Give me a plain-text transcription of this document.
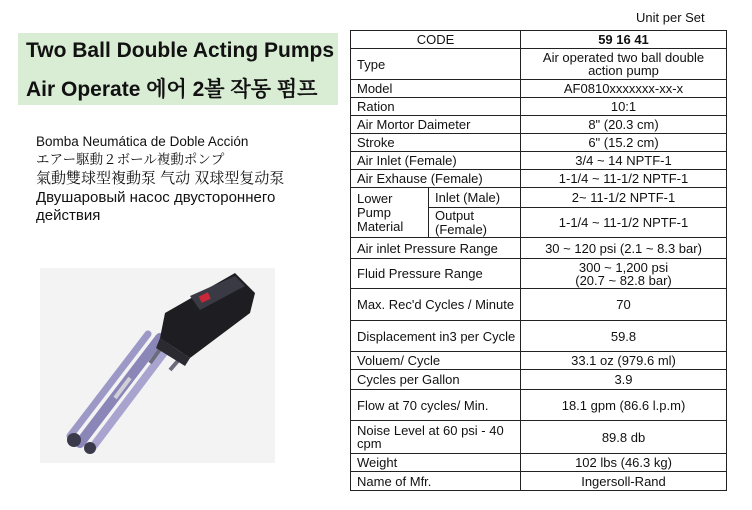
Unit per Set
Two Ball Double Acting Pumps
Air Operate 에어 2볼 작동 펌프
Bomba Neumática de Doble Acción
エアー駆動２ボール複動ポンプ
氣動雙球型複動泵 气动 双球型复动泵
Двушаровый насос двустороннего действия
CODE		59 16 41
Type		Air operated two ball double action pump
Model		AF0810xxxxxxx-xx-x
Ration		10:1
Air Mortor Daimeter		8" (20.3 cm)
Stroke		6" (15.2 cm)
Air Inlet (Female)		3/4 ~ 14 NPTF-1
Air Exhause (Female)		1-1/4 ~ 11-1/2 NPTF-1
Lower Pump Material	Inlet (Male)	2~ 11-1/2 NPTF-1
	Output (Female)	1-1/4 ~ 11-1/2 NPTF-1
Air inlet Pressure Range		30 ~ 120 psi (2.1 ~ 8.3 bar)
Fluid Pressure Range		300 ~ 1,200 psi
(20.7 ~ 82.8 bar)

Max. Rec'd Cycles / Minute		70
Displacement in3 per Cycle		59.8
Voluem/ Cycle		33.1 oz (979.6 ml)
Cycles per Gallon		3.9
Flow at 70 cycles/ Min.		18.1 gpm (86.6 l.p.m)
Noise Level at 60 psi - 40 cpm		89.8 db
Weight		102 lbs (46.3 kg)
Name of Mfr.		Ingersoll-Rand
